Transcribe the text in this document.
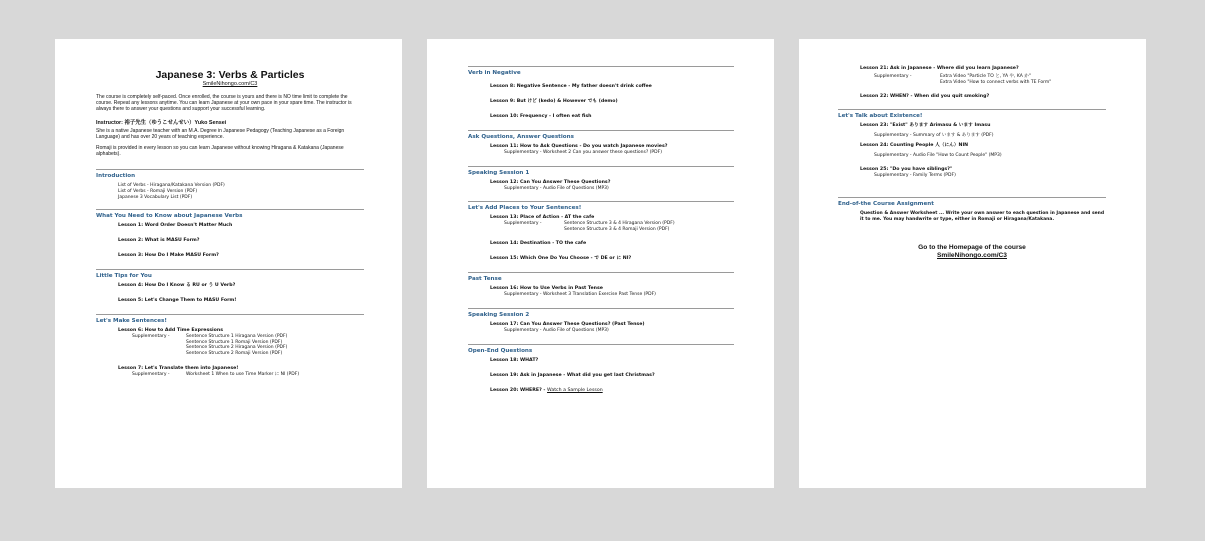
Japanese 3: Verbs & Particles
SmileNihongo.com/C3

The course is completely self-paced. Once enrolled, the course is yours and there is NO time limit to complete the course. Repeat any lessons anytime. You can learn Japanese at your own pace in your spare time. The instructor is always there to answer your questions and support your successful learning.

Instructor: 裕子先生（ゆうこせんせい）Yuko Sensei

She is a native Japanese teacher with an M.A. Degree in Japanese Pedagogy (Teaching Japanese as a Foreign Language) and has over 20 years of teaching experience.

Romaji is provided in every lesson so you can learn Japanese without knowing Hiragana & Katakana (Japanese alphabets).

Introduction
List of Verbs - Hiragana/Katakana Version (PDF)
List of Verbs - Romaji Version (PDF)
Japanese 3 Vocabulary List (PDF)
What You Need to Know about Japanese Verbs
Lesson 1: Word Order Doesn't Matter Much
Lesson 2: What is MASU Form?
Lesson 3: How Do I Make MASU Form?
Little Tips for You
Lesson 4: How Do I Know る RU or う U Verb?
Lesson 5: Let's Change Them to MASU Form!
Let's Make Sentences!
Lesson 6: How to Add Time Expressions
Supplementary -	Sentence Structure 1 Hiragana Version (PDF)
Sentence Structure 1 Romaji Version (PDF)
Sentence Structure 2 Hiragana Version (PDF)
Sentence Structure 2 Romaji Version (PDF)
Lesson 7: Let's Translate them into Japanese!
Supplementary -	Worksheet 1 When to use Time Marker に NI (PDF)
Verb in Negative
Lesson 8: Negative Sentence - My father doesn't drink coffee
Lesson 9: But けど (kedo) & However でも (demo)
Lesson 10: Frequency - I often eat fish
Ask Questions, Answer Questions
Lesson 11: How to Ask Questions - Do you watch Japanese movies?
Supplementary - Worksheet 2 Can you answer these questions? (PDF)
Speaking Session 1
Lesson 12: Can You Answer These Questions?
Supplementary - Audio File of Questions (MP3)
Let's Add Places to Your Sentences!
Lesson 13: Place of Action - AT the cafe
Supplementary -	Sentence Structure 3 & 4 Hiragana Version (PDF)
Sentence Structure 3 & 4 Romaji Version (PDF)
Lesson 14: Destination - TO the cafe
Lesson 15: Which One Do You Choose - で DE or に NI?
Past Tense
Lesson 16: How to Use Verbs in Past Tense
Supplementary - Worksheet 3 Translation Exercise Past Tense (PDF)
Speaking Session 2
Lesson 17: Can You Answer These Questions? (Past Tense)
Supplementary - Audio File of Questions (MP3)
Open-End Questions
Lesson 18: WHAT?
Lesson 19: Ask in Japanese - What did you get last Christmas?
Lesson 20: WHERE? - Watch a Sample Lesson
Lesson 21: Ask in Japanese - Where did you learn Japanese?
Supplementary -	Extra Video "Particle TO と, YA や, KA か"
Extra Video "How to connect verbs with TE Form"
Lesson 22: WHEN? - When did you quit smoking?
Let's Talk about Existence!
Lesson 23: "Exist" あります Arimasu & います Imasu
Supplementary - Summary of います & あります (PDF)
Lesson 24: Counting People 人（にん）NIN
Supplementary - Audio File "How to Count People" (MP3)
Lesson 25: "Do you have siblings?"
Supplementary - Family Terms (PDF)
End-of-the Course Assignment
Question & Answer Worksheet ... Write your own answer to each question in Japanese and send it to me. You may handwrite or type, either in Romaji or Hiragana/Katakana.
Go to the Homepage of the course
SmileNihongo.com/C3
